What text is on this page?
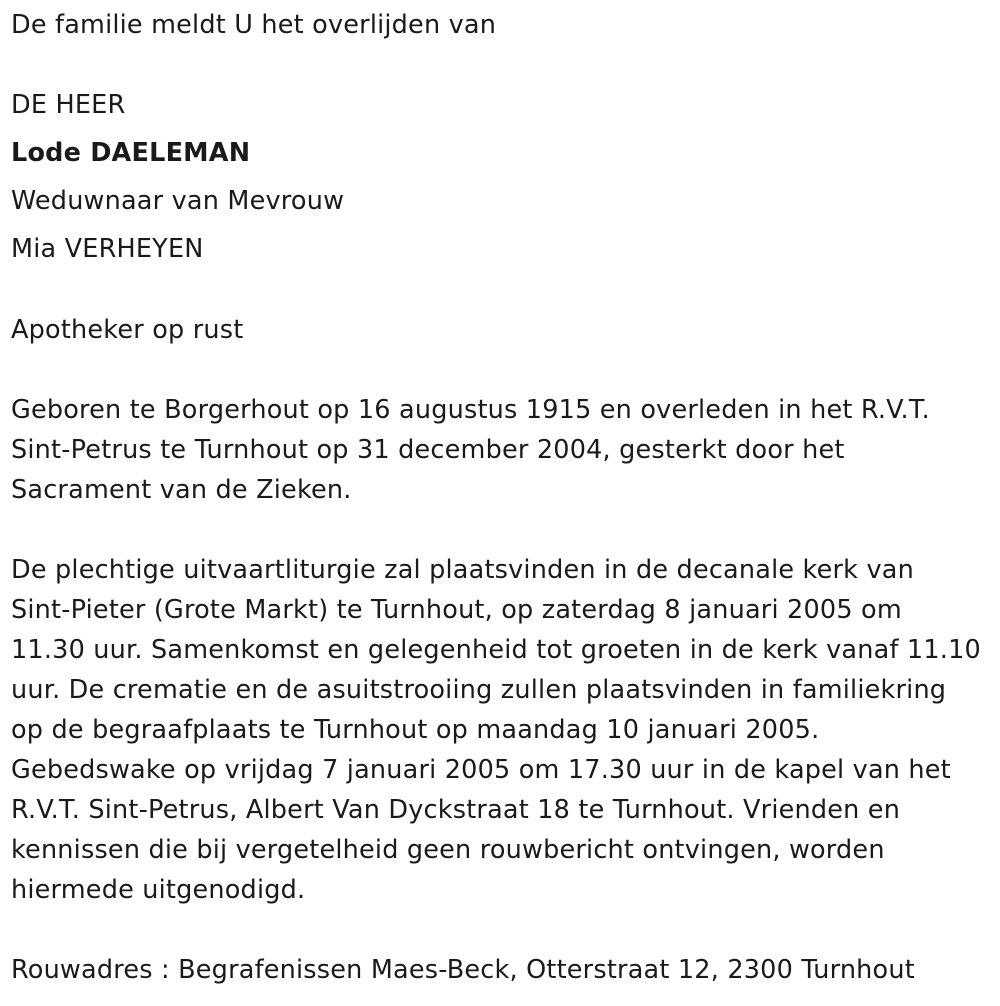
De familie meldt U het overlijden van
DE HEER
Lode DAELEMAN
Weduwnaar van Mevrouw
Mia VERHEYEN
Apotheker op rust
Geboren te Borgerhout op 16 augustus 1915 en overleden in het R.V.T.
Sint-Petrus te Turnhout op 31 december 2004, gesterkt door het
Sacrament van de Zieken.
De plechtige uitvaartliturgie zal plaatsvinden in de decanale kerk van
Sint-Pieter (Grote Markt) te Turnhout, op zaterdag 8 januari 2005 om
11.30 uur. Samenkomst en gelegenheid tot groeten in de kerk vanaf 11.10
uur. De crematie en de asuitstrooiing zullen plaatsvinden in familiekring
op de begraafplaats te Turnhout op maandag 10 januari 2005.
Gebedswake op vrijdag 7 januari 2005 om 17.30 uur in de kapel van het
R.V.T. Sint-Petrus, Albert Van Dyckstraat 18 te Turnhout. Vrienden en
kennissen die bij vergetelheid geen rouwbericht ontvingen, worden
hiermede uitgenodigd.
Rouwadres : Begrafenissen Maes-Beck, Otterstraat 12, 2300 Turnhout
